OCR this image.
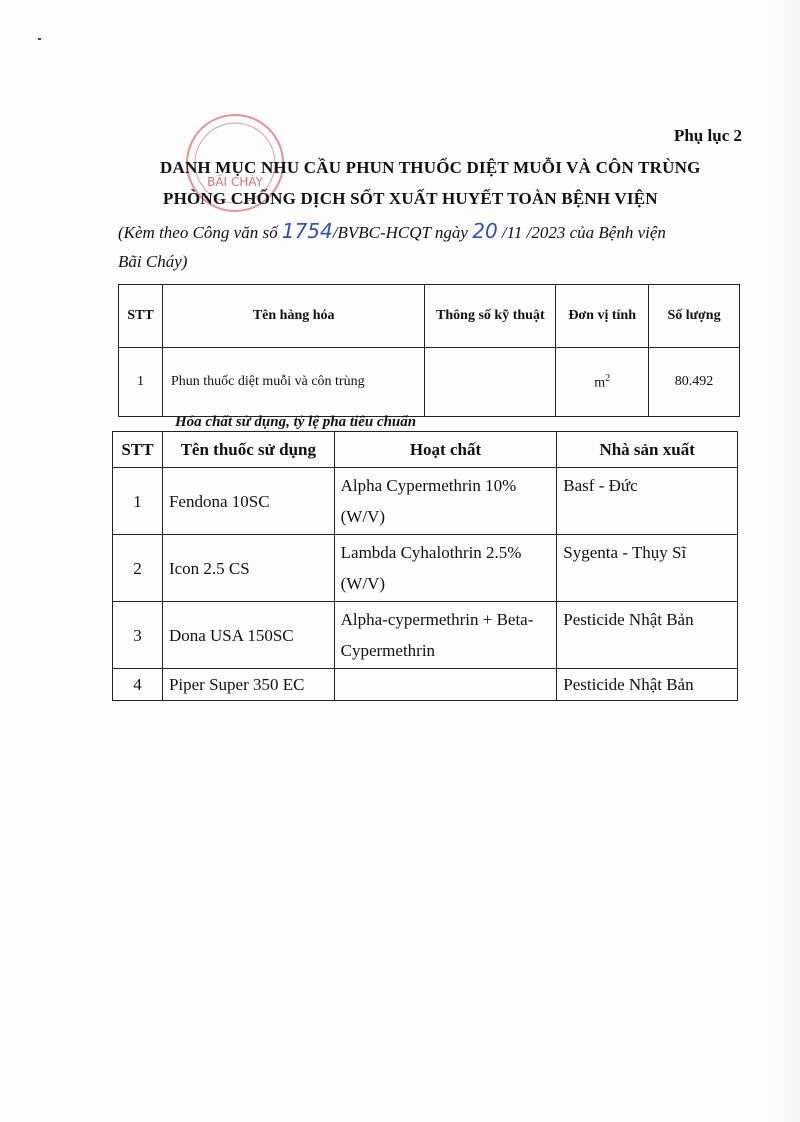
BÃI CHÁY
Phụ lục 2
DANH MỤC NHU CẦU PHUN THUỐC DIỆT MUỖI VÀ CÔN TRÙNG
PHÒNG CHỐNG DỊCH SỐT XUẤT HUYẾT TOÀN BỆNH VIỆN
(Kèm theo Công văn số 1754/BVBC-HCQT ngày 20 /11 /2023 của Bệnh viện
Bãi Cháy)
STT	Tên hàng hóa	Thông số kỹ thuật	Đơn vị tính	Số lượng
1	Phun thuốc diệt muỗi và côn trùng		$m^2$	80.492
Hóa chất sử dụng, tỷ lệ pha tiêu chuẩn
STT	Tên thuốc sử dụng	Hoạt chất	Nhà sản xuất
1	Fendona 10SC	Alpha Cypermethrin 10% (W/V)	Basf - Đức
2	Icon 2.5 CS	Lambda Cyhalothrin 2.5%(W/V)	Sygenta - Thụy Sĩ
3	Dona USA 150SC	Alpha-cypermethrin + Beta-Cypermethrin	Pesticide Nhật Bản
4	Piper Super 350 EC		Pesticide Nhật Bản
